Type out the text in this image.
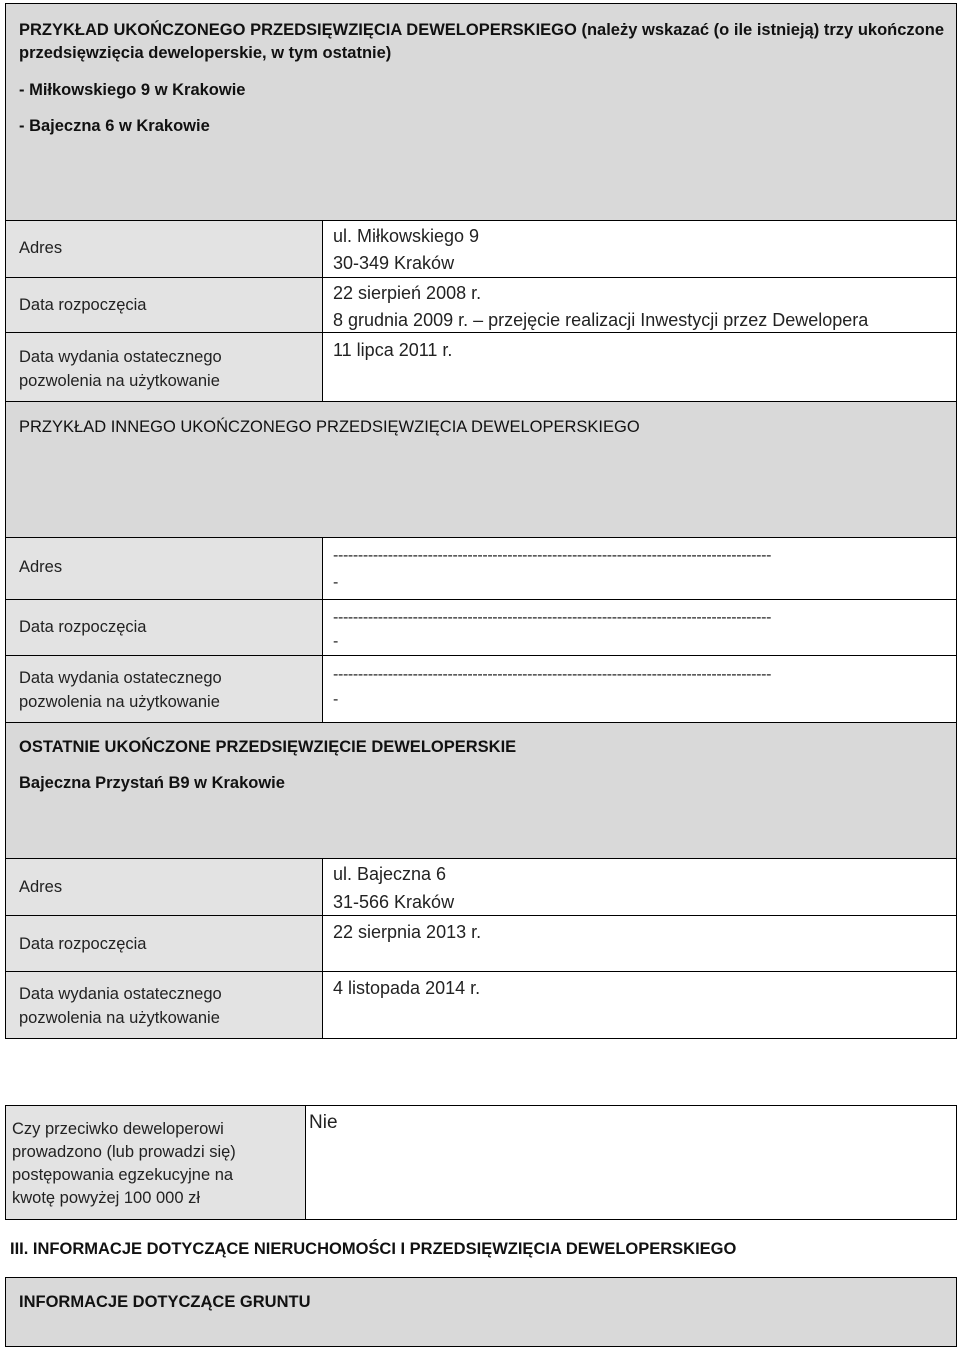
PRZYKŁAD UKOŃCZONEGO PRZEDSIĘWZIĘCIA DEWELOPERSKIEGO (należy wskazać (o ile istnieją) trzy ukończone przedsięwzięcia deweloperskie, w tym ostatnie)
- Miłkowskiego 9 w Krakowie
- Bajeczna 6 w Krakowie
Adres
Data rozpoczęcia
Data wydania ostatecznego
pozwolenia na użytkowanie
ul. Miłkowskiego 9
30-349 Kraków
22 sierpień 2008 r.
8 grudnia 2009 r. – przejęcie realizacji Inwestycji przez Dewelopera
11 lipca 2011 r.
PRZYKŁAD INNEGO UKOŃCZONEGO PRZEDSIĘWZIĘCIA DEWELOPERSKIEGO
Adres
Data rozpoczęcia
Data wydania ostatecznego
pozwolenia na użytkowanie
----------------------------------------------------------------------------------------
-
----------------------------------------------------------------------------------------
-
----------------------------------------------------------------------------------------
-
OSTATNIE UKOŃCZONE PRZEDSIĘWZIĘCIE DEWELOPERSKIE
Bajeczna Przystań B9 w Krakowie
Adres
Data rozpoczęcia
Data wydania ostatecznego
pozwolenia na użytkowanie
ul. Bajeczna 6
31-566 Kraków
22 sierpnia 2013 r.
4 listopada 2014 r.
Czy przeciwko deweloperowi
prowadzono (lub prowadzi się)
postępowania egzekucyjne na
kwotę powyżej 100 000 zł
Nie
III. INFORMACJE DOTYCZĄCE NIERUCHOMOŚCI I PRZEDSIĘWZIĘCIA DEWELOPERSKIEGO
INFORMACJE DOTYCZĄCE GRUNTU
